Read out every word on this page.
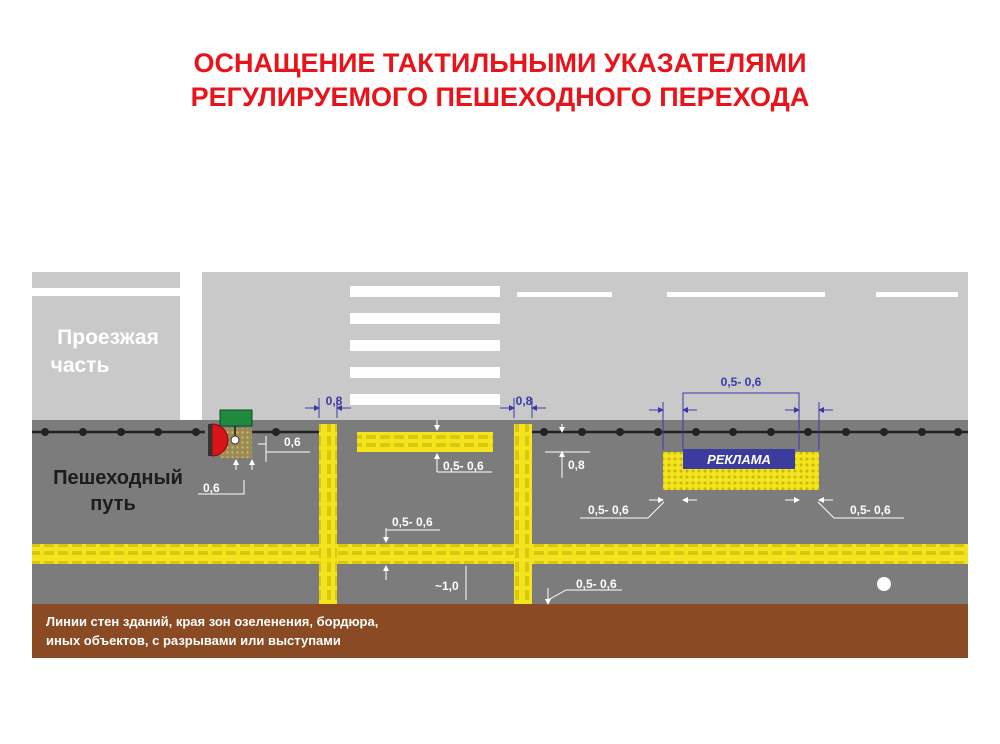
ОСНАЩЕНИЕ ТАКТИЛЬНЫМИ УКАЗАТЕЛЯМИ
РЕГУЛИРУЕМОГО ПЕШЕХОДНОГО ПЕРЕХОДА
РЕКЛАМА
Проезжая
часть
Пешеходный
путь
Линии стен зданий, края зон озеленения, бордюра,
иных объектов, с разрывами или выступами
0,8	0,8
0,5- 0,6
0,6
0,6
0,5- 0,6	0,8
0,5- 0,6	0,5- 0,6
0,5- 0,6
~1,0	0,5- 0,6
